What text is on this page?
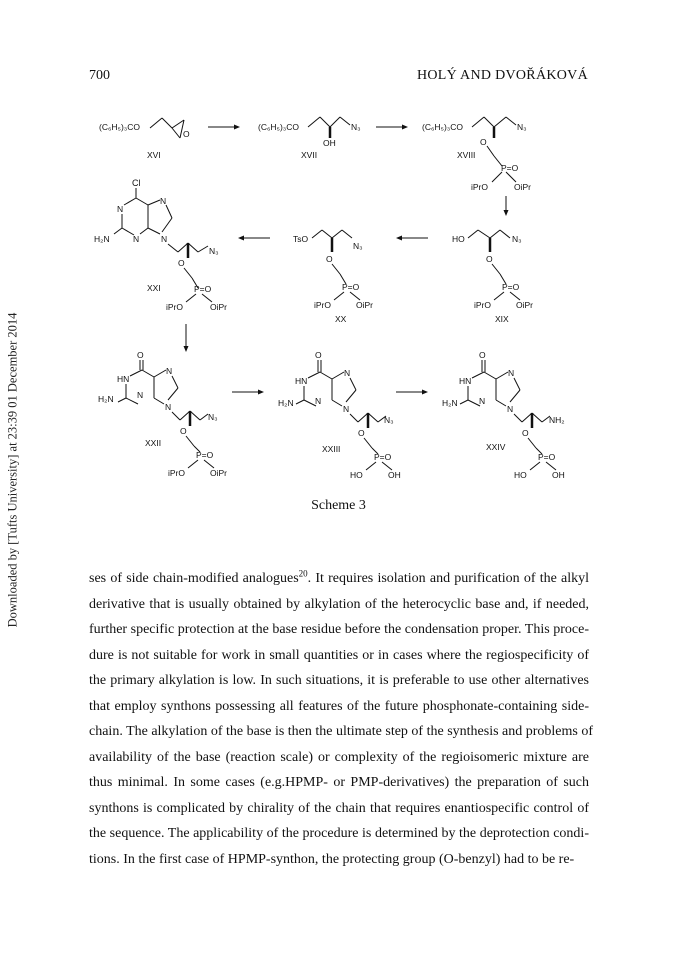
Downloaded by [Tufts University] at 23:39 01 December 2014
700	HOLÝ AND DVOŘÁKOVÁ
(C₆H₅)₃CO
O
XVI
(C₆H₅)₃CO	N₃
OH
XVII
(C₆H₅)₃CO	N₃
O
P=O
iPrO	OiPr
XVIII
Cl
N
N
N
N
H₂N
N₃
O
P=O
iPrO	OiPr
XXI
TsO
N₃
O
P=O
iPrO	OiPr
XX
HO	N₃
O
P=O
iPrO	OiPr
XIX
O
HN
N
N
N
H₂N
N₃
O
P=O
iPrO	OiPr
XXII
O
HN
N
N
N
H₂N
N₃
O
P=O
HO	OH
XXIII
O
HN
N
N
N
H₂N
NH₂
O
P=O
HO	OH
XXIV
Scheme 3
ses of side chain-modified analogues$^{20}$. It requires isolation and purification of the alkyl
derivative that is usually obtained by alkylation of the heterocyclic base and, if needed,
further specific protection at the base residue before the condensation proper. This proce-
dure is not suitable for work in small quantities or in cases where the regiospecificity of
the primary alkylation is low. In such situations, it is preferable to use other alternatives
that employ synthons possessing all features of the future phosphonate-containing side-
chain. The alkylation of the base is then the ultimate step of the synthesis and problems of
availability of the base (reaction scale) or complexity of the regioisomeric mixture are
thus minimal. In some cases (e.g.HPMP- or PMP-derivatives) the preparation of such
synthons is complicated by chirality of the chain that requires enantiospecific control of
the sequence. The applicability of the procedure is determined by the deprotection condi-
tions. In the first case of HPMP-synthon, the protecting group (O-benzyl) had to be re-
